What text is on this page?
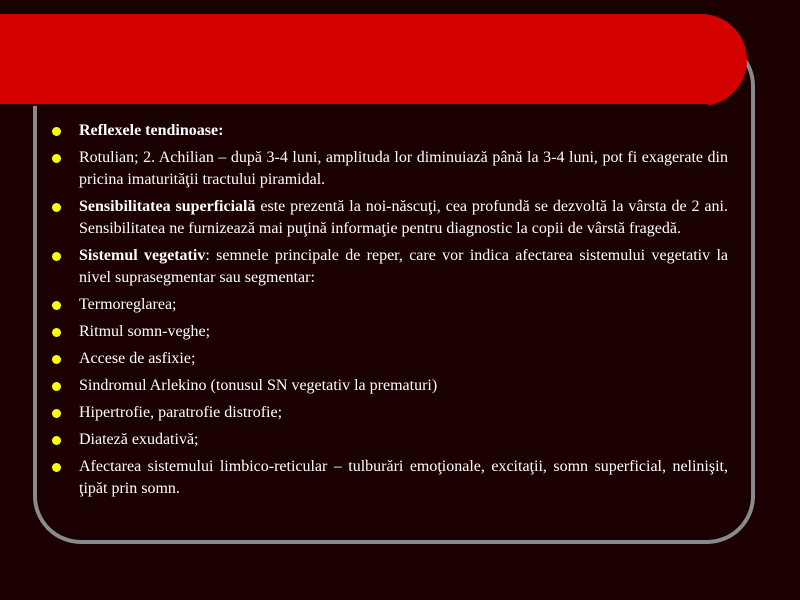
Reflexele tendinoase:
Rotulian; 2. Achilian – după 3-4 luni, amplituda lor diminuiază până la 3-4 luni, pot fi exagerate din pricina imaturităţii tractului piramidal.
Sensibilitatea superficială este prezentă la noi-născuţi, cea profundă se dezvoltă la vârsta de 2 ani. Sensibilitatea ne furnizează mai puţină informaţie pentru diagnostic la copii de vârstă fragedă.
Sistemul vegetativ: semnele principale de reper, care vor indica afectarea sistemului vegetativ la nivel suprasegmentar sau segmentar:
Termoreglarea;
Ritmul somn-veghe;
Accese de asfixie;
Sindromul Arlekino (tonusul SN vegetativ la prematuri)
Hipertrofie, paratrofie distrofie;
Diateză exudativă;
Afectarea sistemului limbico-reticular – tulburări emoţionale, excitaţii, somn superficial, nelinişit, ţipăt prin somn.
